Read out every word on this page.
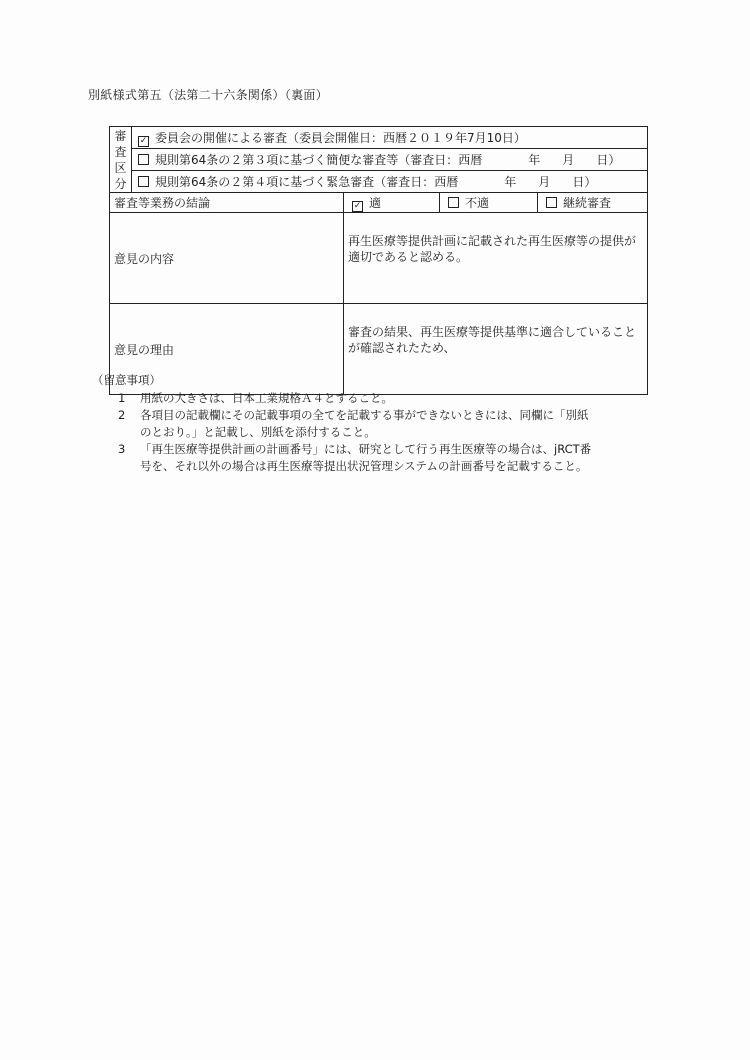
別紙様式第五（法第二十六条関係）（裏面）
審
査
区
分	✓ 委員会の開催による審査（委員会開催日：西暦２０１９年7月10日）			
	規則第64条の２第３項に基づく簡便な審査等（審査日：西暦 年 月 日）			
	規則第64条の２第４項に基づく緊急審査（審査日：西暦 年 月 日）			
審査等業務の結論		✓ 適	不適	継続審査
意見の内容		再生医療等提供計画に記載された再生医療等の提供が適切であると認める。		
意見の理由		審査の結果、再生医療等提供基準に適合していることが確認されたため、		
（留意事項）
1 用紙の大きさは、日本工業規格Ａ４とすること。
2 各項目の記載欄にその記載事項の全てを記載する事ができないときには、同欄に「別紙
のとおり。」と記載し、別紙を添付すること。
3 「再生医療等提供計画の計画番号」には、研究として行う再生医療等の場合は、jRCT番
号を、それ以外の場合は再生医療等提出状況管理システムの計画番号を記載すること。
